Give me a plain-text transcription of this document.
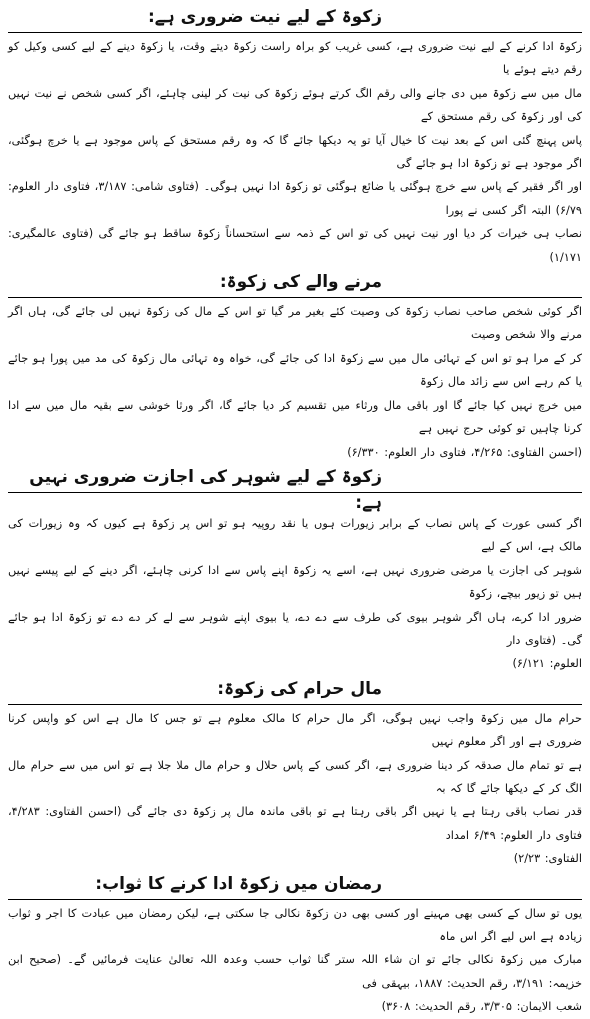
زکوۃ کے لیے نیت ضروری ہے:

زکوۃ ادا کرنے کے لیے نیت ضروری ہے، کسی غریب کو براہ راست زکوۃ دیتے وقت، یا زکوۃ دینے کے لیے کسی وکیل کو رقم دیتے ہوئے یا

مال میں سے زکوۃ میں دی جانے والی رقم الگ کرتے ہوئے زکوۃ کی نیت کر لینی چاہئے، اگر کسی شخص نے نیت نہیں کی اور زکوۃ کی رقم مستحق کے

پاس پہنچ گئی اس کے بعد نیت کا خیال آیا تو یہ دیکھا جائے گا کہ وہ رقم مستحق کے پاس موجود ہے یا خرچ ہوگئی، اگر موجود ہے تو زکوۃ ادا ہو جائے گی

اور اگر فقیر کے پاس سے خرچ ہوگئی یا ضائع ہوگئی تو زکوۃ ادا نہیں ہوگی۔ (فتاوی شامی: ۳/۱۸۷، فتاوی دار العلوم: ۶/۷۹) البتہ اگر کسی نے پورا

نصاب ہی خیرات کر دیا اور نیت نہیں کی تو اس کے ذمہ سے استحساناً زکوۃ ساقط ہو جائے گی (فتاوی عالمگیری: ۱/۱۷۱)

مرنے والے کی زکوۃ:

اگر کوئی شخص صاحب نصاب زکوۃ کی وصیت کئے بغیر مر گیا تو اس کے مال کی زکوۃ نہیں لی جائے گی، ہاں اگر مرنے والا شخص وصیت

کر کے مرا ہو تو اس کے تہائی مال میں سے زکوۃ ادا کی جائے گی، خواہ وہ تہائی مال زکوۃ کی مد میں پورا ہو جائے یا کم رہے اس سے زائد مال زکوۃ

میں خرچ نہیں کیا جائے گا اور باقی مال ورثاء میں تقسیم کر دیا جائے گا، اگر ورثا خوشی سے بقیہ مال میں سے ادا کرنا چاہیں تو کوئی حرج نہیں ہے

(احسن الفتاوی: ۴/۲۶۵، فتاوی دار العلوم: ۶/۳۳۰)

زکوۃ کے لیے شوہر کی اجازت ضروری نہیں ہے:

اگر کسی عورت کے پاس نصاب کے برابر زیورات ہوں یا نقد روپیہ ہو تو اس پر زکوۃ ہے کیوں کہ وہ زیورات کی مالک ہے، اس کے لیے

شوہر کی اجازت یا مرضی ضروری نہیں ہے، اسے یہ زکوۃ اپنے پاس سے ادا کرنی چاہئے، اگر دینے کے لیے پیسے نہیں ہیں تو زیور بیچے، زکوۃ

ضرور ادا کرے، ہاں اگر شوہر بیوی کی طرف سے دے دے، یا بیوی اپنے شوہر سے لے کر دے دے تو زکوۃ ادا ہو جائے گی۔ (فتاوی دار

العلوم: ۶/۱۲۱)

مال حرام کی زکوۃ:

حرام مال میں زکوۃ واجب نہیں ہوگی، اگر مال حرام کا مالک معلوم ہے تو جس کا مال ہے اس کو واپس کرنا ضروری ہے اور اگر معلوم نہیں

ہے تو تمام مال صدقہ کر دینا ضروری ہے، اگر کسی کے پاس حلال و حرام مال ملا جلا ہے تو اس میں سے حرام مال الگ کر کے دیکھا جائے گا کہ بہ

قدر نصاب باقی رہتا ہے یا نہیں اگر باقی رہتا ہے تو باقی ماندہ مال پر زکوۃ دی جائے گی (احسن الفتاوی: ۴/۲۸۳، فتاوی دار العلوم: ۶/۴۹ امداد

الفتاوی: ۲/۲۳)

رمضان میں زکوۃ ادا کرنے کا ثواب:

یوں تو سال کے کسی بھی مہینے اور کسی بھی دن زکوۃ نکالی جا سکتی ہے، لیکن رمضان میں عبادت کا اجر و ثواب زیادہ ہے اس لیے اگر اس ماہ

مبارک میں زکوۃ نکالی جائے تو ان شاء اللہ ستر گنا ثواب حسب وعدہ اللہ تعالیٰ عنایت فرمائیں گے۔ (صحیح ابن خزیمہ: ۳/۱۹۱، رقم الحدیث: ۱۸۸۷، بیہقی فی

شعب الایمان: ۳/۳۰۵، رقم الحدیث: ۳۶۰۸)
